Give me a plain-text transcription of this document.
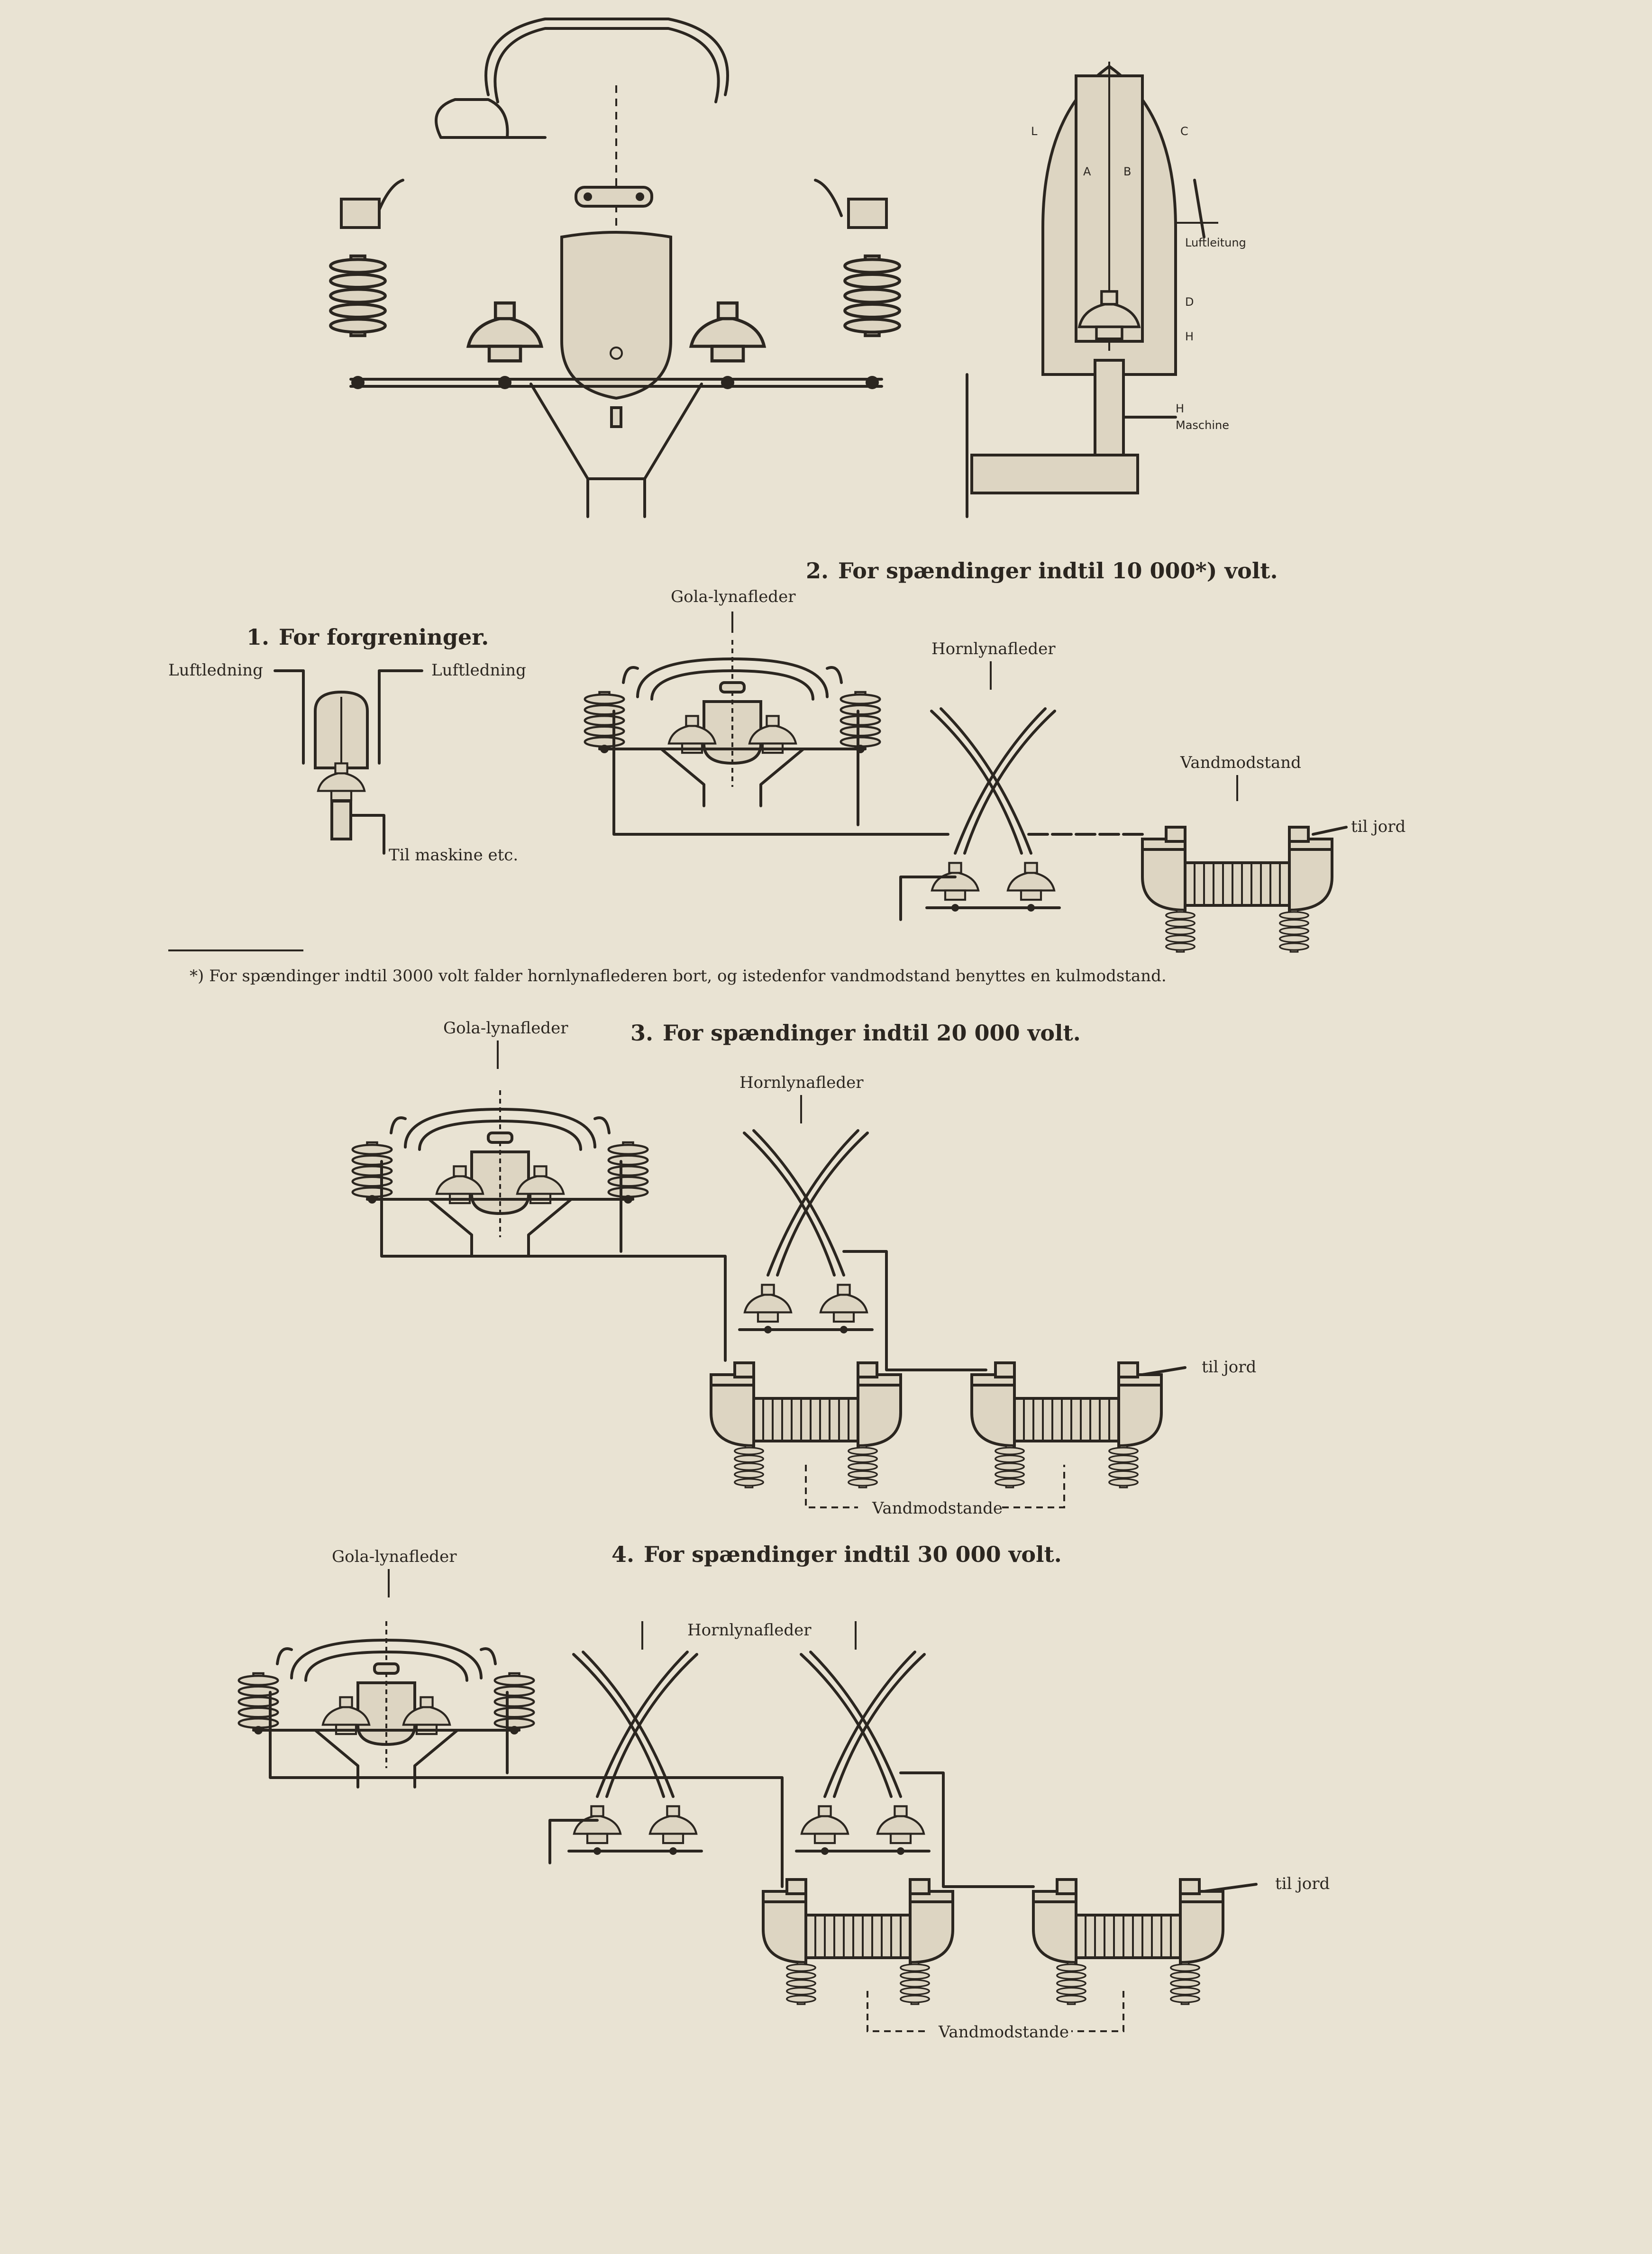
A	B
L	C
D
H
Luftleitung
H
Maschine
2. For spændinger indtil 10 000*) volt.
1. For forgreninger.
Luftledning	Luftledning
Til maskine etc.
Gola-lynafleder
Hornlynafleder
Vandmodstand
til jord
*) For spændinger indtil 3000 volt falder hornlynaflederen bort, og istedenfor vandmodstand benyttes en kulmodstand.
Gola-lynafleder	3. For spændinger indtil 20 000 volt.
Hornlynafleder
til jord
Vandmodstande
Gola-lynafleder	4. For spændinger indtil 30 000 volt.
Hornlynafleder
til jord
Vandmodstande
